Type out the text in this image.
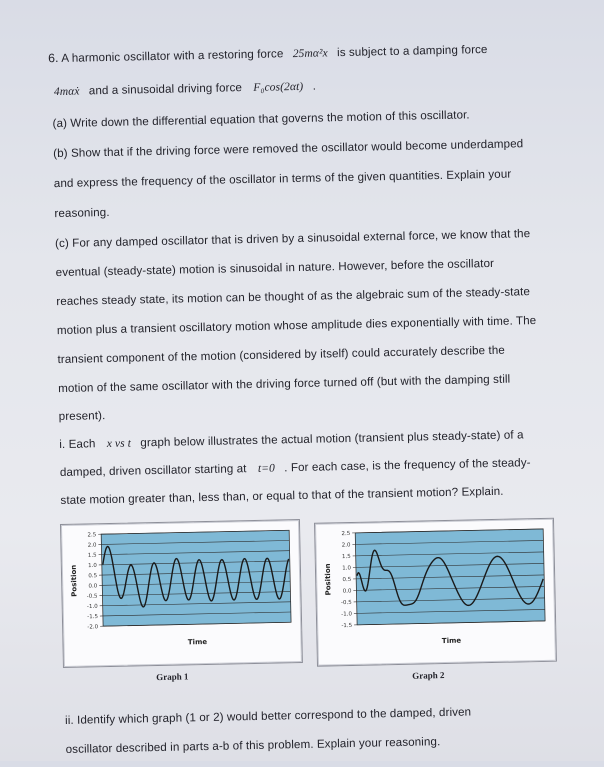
6. A harmonic oscillator with a restoring force 25mα²x is subject to a damping force
4mαẋ and a sinusoidal driving force F₀cos(2αt) .
(a) Write down the differential equation that governs the motion of this oscillator.
(b) Show that if the driving force were removed the oscillator would become underdamped
and express the frequency of the oscillator in terms of the given quantities. Explain your
reasoning.
(c) For any damped oscillator that is driven by a sinusoidal external force, we know that the
eventual (steady-state) motion is sinusoidal in nature. However, before the oscillator
reaches steady state, its motion can be thought of as the algebraic sum of the steady-state
motion plus a transient oscillatory motion whose amplitude dies exponentially with time. The
transient component of the motion (considered by itself) could accurately describe the
motion of the same oscillator with the driving force turned off (but with the damping still
present).
i. Each x vs t graph below illustrates the actual motion (transient plus steady-state) of a
damped, driven oscillator starting at t=0 . For each case, is the frequency of the steady-
state motion greater than, less than, or equal to that of the transient motion? Explain.
2.5
2.0
1.5
1.0
0.5
0.0
-0.5
-1.0
-1.5
-2.0
Position
Time
Graph 1
2.5
2.0
1.5
1.0
0.5
0.0
-0.5
-1.0
-1.5
Position
Time
Graph 2
ii. Identify which graph (1 or 2) would better correspond to the damped, driven
oscillator described in parts a-b of this problem. Explain your reasoning.
